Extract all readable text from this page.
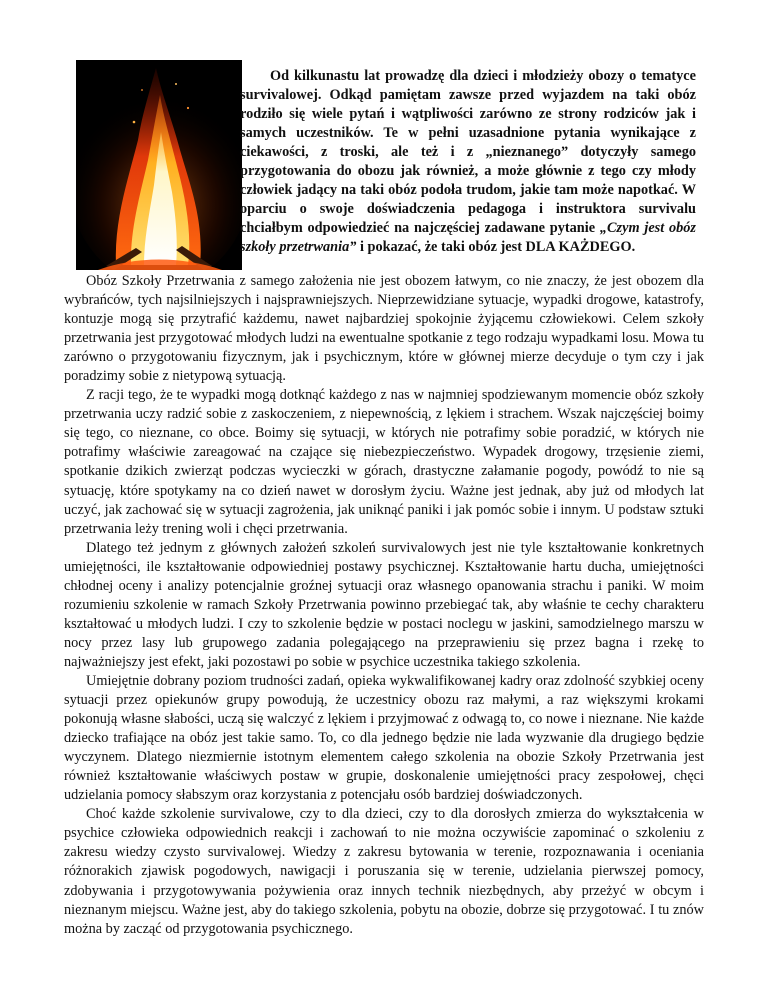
Od kilkunastu lat prowadzę dla dzieci i młodzieży obozy o tematyce survivalowej. Odkąd pamiętam zawsze przed wyjazdem na taki obóz rodziło się wiele pytań i wątpliwości zarówno ze strony rodziców jak i samych uczestników. Te w pełni uzasadnione pytania wynikające z ciekawości, z troski, ale też i z „nieznanego” dotyczyły samego przygotowania do obozu jak również, a może głównie z tego czy młody człowiek jadący na taki obóz podoła trudom, jakie tam może napotkać. W oparciu o swoje doświadczenia pedagoga i instruktora survivalu chciałbym odpowiedzieć na najczęściej zadawane pytanie „Czym jest obóz szkoły przetrwania” i pokazać, że taki obóz jest DLA KAŻDEGO.

Obóz Szkoły Przetrwania z samego założenia nie jest obozem łatwym, co nie znaczy, że jest obozem dla wybrańców, tych najsilniejszych i najsprawniejszych. Nieprzewidziane sytuacje, wypadki drogowe, katastrofy, kontuzje mogą się przytrafić każdemu, nawet najbardziej spokojnie żyjącemu człowiekowi. Celem szkoły przetrwania jest przygotować młodych ludzi na ewentualne spotkanie z tego rodzaju wypadkami losu. Mowa tu zarówno o przygotowaniu fizycznym, jak i psychicznym, które w głównej mierze decyduje o tym czy i jak poradzimy sobie z nietypową sytuacją.

Z racji tego, że te wypadki mogą dotknąć każdego z nas w najmniej spodziewanym momencie obóz szkoły przetrwania uczy radzić sobie z zaskoczeniem, z niepewnością, z lękiem i strachem. Wszak najczęściej boimy się tego, co nieznane, co obce. Boimy się sytuacji, w których nie potrafimy sobie poradzić, w których nie potrafimy właściwie zareagować na czające się niebezpieczeństwo. Wypadek drogowy, trzęsienie ziemi, spotkanie dzikich zwierząt podczas wycieczki w górach, drastyczne załamanie pogody, powódź to nie są sytuację, które spotykamy na co dzień nawet w dorosłym życiu. Ważne jest jednak, aby już od młodych lat uczyć, jak zachować się w sytuacji zagrożenia, jak uniknąć paniki i jak pomóc sobie i innym. U podstaw sztuki przetrwania leży trening woli i chęci przetrwania.

Dlatego też jednym z głównych założeń szkoleń survivalowych jest nie tyle kształtowanie konkretnych umiejętności, ile kształtowanie odpowiedniej postawy psychicznej. Kształtowanie hartu ducha, umiejętności chłodnej oceny i analizy potencjalnie groźnej sytuacji oraz własnego opanowania strachu i paniki. W moim rozumieniu szkolenie w ramach Szkoły Przetrwania powinno przebiegać tak, aby właśnie te cechy charakteru kształtować u młodych ludzi. I czy to szkolenie będzie w postaci noclegu w jaskini, samodzielnego marszu w nocy przez lasy lub grupowego zadania polegającego na przeprawieniu się przez bagna i rzekę to najważniejszy jest efekt, jaki pozostawi po sobie w psychice uczestnika takiego szkolenia.

Umiejętnie dobrany poziom trudności zadań, opieka wykwalifikowanej kadry oraz zdolność szybkiej oceny sytuacji przez opiekunów grupy powodują, że uczestnicy obozu raz małymi, a raz większymi krokami pokonują własne słabości, uczą się walczyć z lękiem i przyjmować z odwagą to, co nowe i nieznane. Nie każde dziecko trafiające na obóz jest takie samo. To, co dla jednego będzie nie lada wyzwanie dla drugiego będzie wyczynem. Dlatego niezmiernie istotnym elementem całego szkolenia na obozie Szkoły Przetrwania jest również kształtowanie właściwych postaw w grupie, doskonalenie umiejętności pracy zespołowej, chęci udzielania pomocy słabszym oraz korzystania z potencjału osób bardziej doświadczonych.

Choć każde szkolenie survivalowe, czy to dla dzieci, czy to dla dorosłych zmierza do wykształcenia w psychice człowieka odpowiednich reakcji i zachowań to nie można oczywiście zapominać o szkoleniu z zakresu wiedzy czysto survivalowej. Wiedzy z zakresu bytowania w terenie, rozpoznawania i oceniania różnorakich zjawisk pogodowych, nawigacji i poruszania się w terenie, udzielania pierwszej pomocy, zdobywania i przygotowywania pożywienia oraz innych technik niezbędnych, aby przeżyć w obcym i nieznanym miejscu. Ważne jest, aby do takiego szkolenia, pobytu na obozie, dobrze się przygotować. I tu znów można by zacząć od przygotowania psychicznego.
